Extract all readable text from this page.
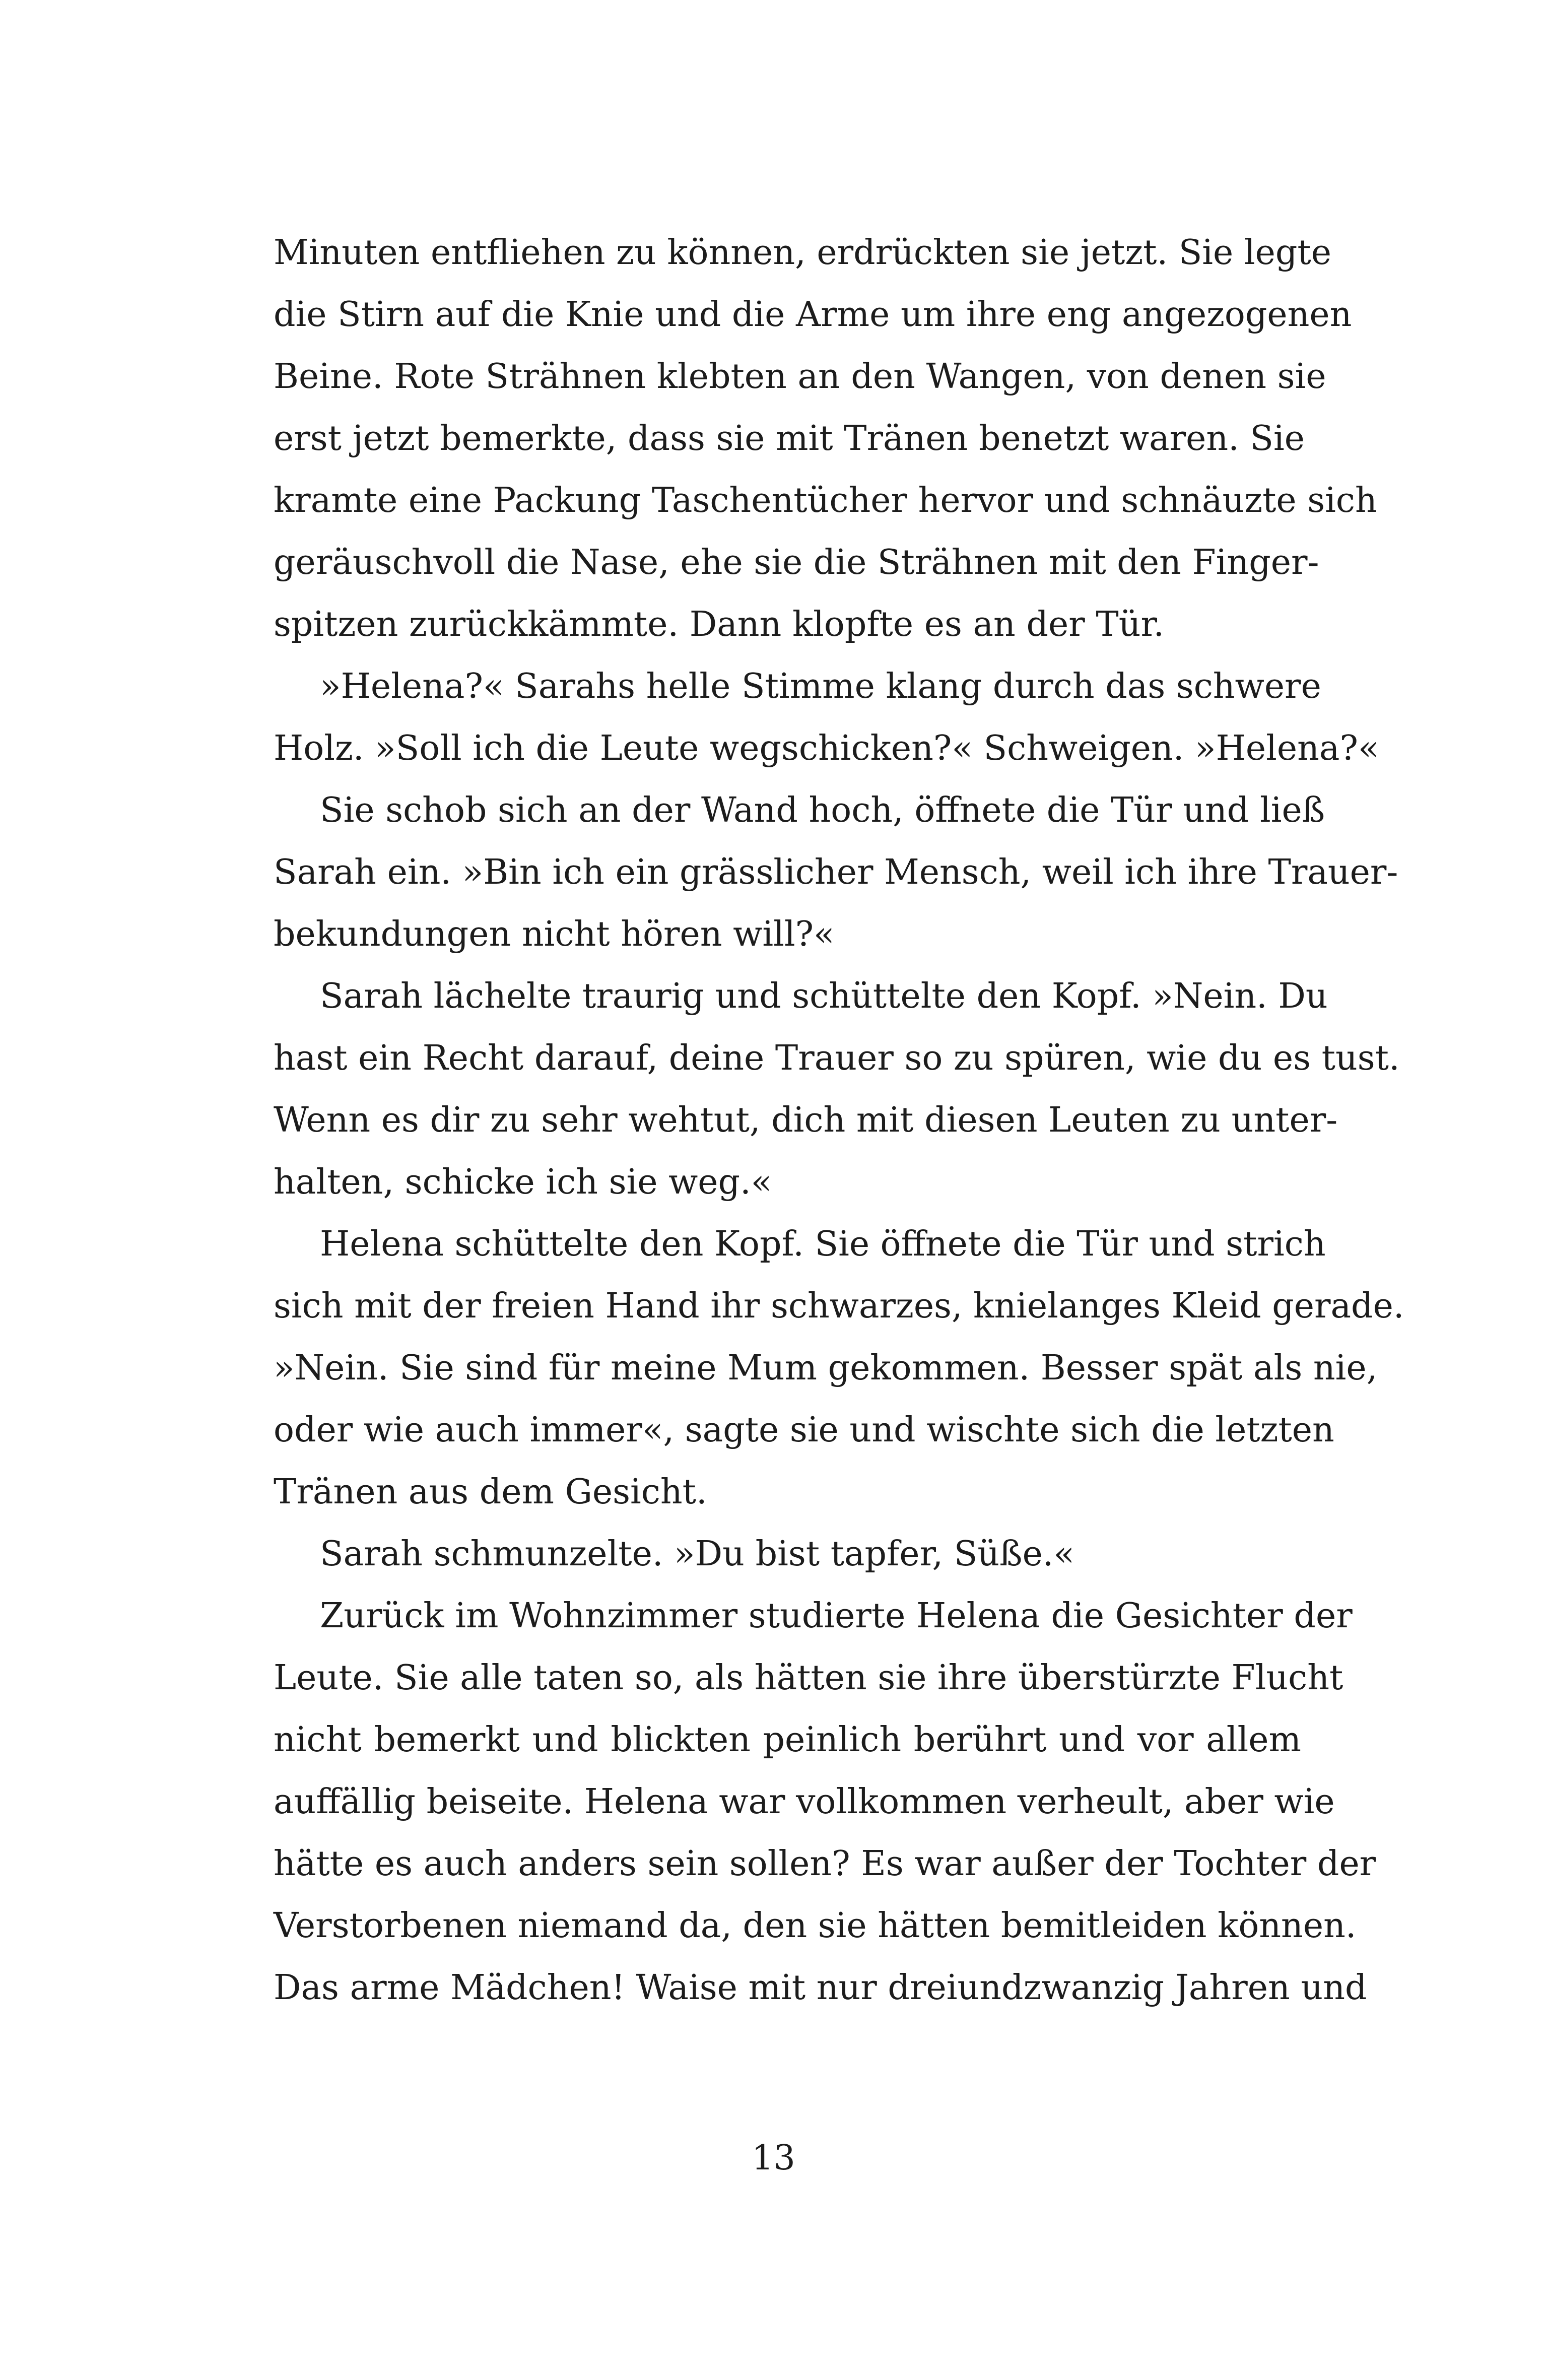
Minuten entfliehen zu können, erdrückten sie jetzt. Sie legte
die Stirn auf die Knie und die Arme um ihre eng angezogenen
Beine. Rote Strähnen klebten an den Wangen, von denen sie
erst jetzt bemerkte, dass sie mit Tränen benetzt waren. Sie
kramte eine Packung Taschentücher hervor und schnäuzte sich
geräuschvoll die Nase, ehe sie die Strähnen mit den Finger-
spitzen zurückkämmte. Dann klopfte es an der Tür.
»Helena?« Sarahs helle Stimme klang durch das schwere
Holz. »Soll ich die Leute wegschicken?« Schweigen. »Helena?«
Sie schob sich an der Wand hoch, öffnete die Tür und ließ
Sarah ein. »Bin ich ein grässlicher Mensch, weil ich ihre Trauer-
bekundungen nicht hören will?«
Sarah lächelte traurig und schüttelte den Kopf. »Nein. Du
hast ein Recht darauf, deine Trauer so zu spüren, wie du es tust.
Wenn es dir zu sehr wehtut, dich mit diesen Leuten zu unter-
halten, schicke ich sie weg.«
Helena schüttelte den Kopf. Sie öffnete die Tür und strich
sich mit der freien Hand ihr schwarzes, knielanges Kleid gerade.
»Nein. Sie sind für meine Mum gekommen. Besser spät als nie,
oder wie auch immer«, sagte sie und wischte sich die letzten
Tränen aus dem Gesicht.
Sarah schmunzelte. »Du bist tapfer, Süße.«
Zurück im Wohnzimmer studierte Helena die Gesichter der
Leute. Sie alle taten so, als hätten sie ihre überstürzte Flucht
nicht bemerkt und blickten peinlich berührt und vor allem
auffällig beiseite. Helena war vollkommen verheult, aber wie
hätte es auch anders sein sollen? Es war außer der Tochter der
Verstorbenen niemand da, den sie hätten bemitleiden können.
Das arme Mädchen! Waise mit nur dreiundzwanzig Jahren und
13
